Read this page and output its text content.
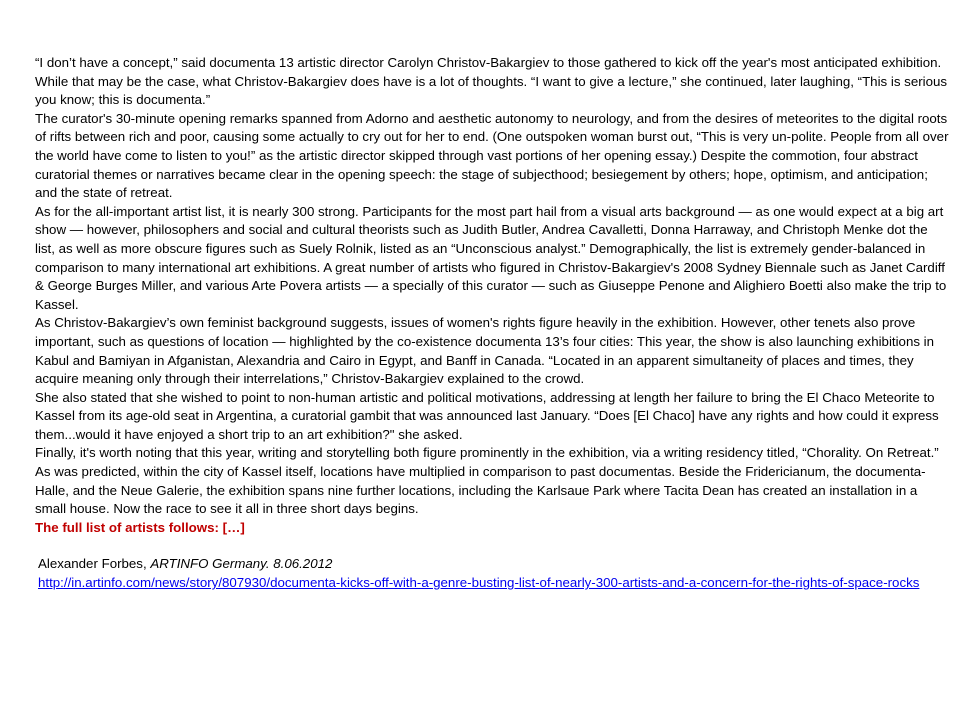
“I don’t have a concept,” said documenta 13 artistic director Carolyn Christov-Bakargiev to those gathered to kick off the year's most anticipated exhibition. While that may be the case, what Christov-Bakargiev does have is a lot of thoughts. “I want to give a lecture,” she continued, later laughing, “This is serious you know; this is documenta.”

The curator's 30-minute opening remarks spanned from Adorno and aesthetic autonomy to neurology, and from the desires of meteorites to the digital roots of rifts between rich and poor, causing some actually to cry out for her to end. (One outspoken woman burst out, “This is very un-polite. People from all over the world have come to listen to you!” as the artistic director skipped through vast portions of her opening essay.) Despite the commotion, four abstract curatorial themes or narratives became clear in the opening speech: the stage of subjecthood; besiegement by others; hope, optimism, and anticipation; and the state of retreat.

As for the all-important artist list, it is nearly 300 strong. Participants for the most part hail from a visual arts background — as one would expect at a big art show — however, philosophers and social and cultural theorists such as Judith Butler, Andrea Cavalletti, Donna Harraway, and Christoph Menke dot the list, as well as more obscure figures such as Suely Rolnik, listed as an “Unconscious analyst.” Demographically, the list is extremely gender-balanced in comparison to many international art exhibitions. A great number of artists who figured in Christov-Bakargiev's 2008 Sydney Biennale such as Janet Cardiff & George Burges Miller, and various Arte Povera artists — a specially of this curator — such as Giuseppe Penone and Alighiero Boetti also make the trip to Kassel.

As Christov-Bakargiev’s own feminist background suggests, issues of women's rights figure heavily in the exhibition. However, other tenets also prove important, such as questions of location — highlighted by the co-existence documenta 13’s four cities: This year, the show is also launching exhibitions in Kabul and Bamiyan in Afganistan, Alexandria and Cairo in Egypt, and Banff in Canada. “Located in an apparent simultaneity of places and times, they acquire meaning only through their interrelations,” Christov-Bakargiev explained to the crowd.

She also stated that she wished to point to non-human artistic and political motivations, addressing at length her failure to bring the El Chaco Meteorite to Kassel from its age-old seat in Argentina, a curatorial gambit that was announced last January. “Does [El Chaco] have any rights and how could it express them...would it have enjoyed a short trip to an art exhibition?" she asked.

Finally, it's worth noting that this year, writing and storytelling both figure prominently in the exhibition, via a writing residency titled, “Chorality. On Retreat.”

As was predicted, within the city of Kassel itself, locations have multiplied in comparison to past documentas. Beside the Fridericianum, the documenta-Halle, and the Neue Galerie, the exhibition spans nine further locations, including the Karlsaue Park where Tacita Dean has created an installation in a small house. Now the race to see it all in three short days begins.

The full list of artists follows: […]

Alexander Forbes, ARTINFO Germany. 8.06.2012

http://in.artinfo.com/news/story/807930/documenta-kicks-off-with-a-genre-busting-list-of-nearly-300-artists-and-a-concern-for-the-rights-of-space-rocks
